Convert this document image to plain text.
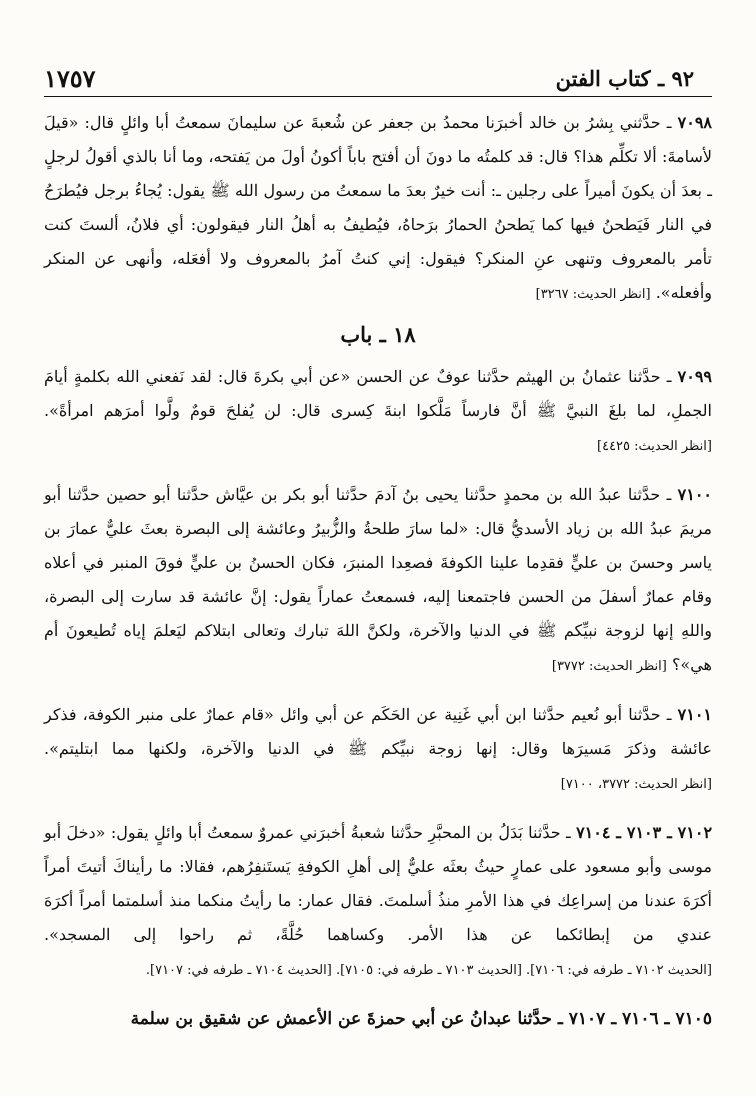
٩٢ ـ كتاب الفتن
١٧٥٧

٧٠٩٨ ـ حدَّثني بِشرُ بن خالد أخبرَنا محمدُ بن جعفر عن شُعبةَ عن سليمانَ سمعتُ أبا وائلٍ قال: «قيلَ لأسامةَ: ألا تكلِّم هذا؟ قال: قد كلمتُه ما دونَ أن أفتح باباً أكونُ أولَ من يَفتحه، وما أنا بالذي أقولُ لرجلٍ ـ بعدَ أن يكونَ أميراً على رجلين ـ: أنت خيرٌ بعدَ ما سمعتُ من رسول الله ﷺ يقول: يُجاءُ برجل فيُطرَحُ في النار فَيَطحنُ فيها كما يَطحنُ الحمارُ برَحاهُ، فيُطيفُ به أهلُ النار فيقولون: أي فلانُ، ألستَ كنت تأمر بالمعروف وتنهى عنِ المنكر؟ فيقول: إني كنتُ آمرُ بالمعروف ولا أفعَله، وأنهى عن المنكر وأفعله». [انظر الحديث: ٣٢٦٧]

١٨ ـ باب

٧٠٩٩ ـ حدَّثنا عثمانُ بن الهيثم حدَّثنا عوفٌ عن الحسن «عن أبي بكرةَ قال: لقد نَفعني الله بكلمةٍ أيامَ الجملِ، لما بلغَ النبيَّ ﷺ أنَّ فارساً مَلَّكوا ابنةَ كِسرى قال: لن يُفلحَ قومٌ ولَّوا أمرَهم امرأةً». [انظر الحديث: ٤٤٢٥]

٧١٠٠ ـ حدَّثنا عبدُ الله بن محمدٍ حدَّثنا يحيى بنُ آدمَ حدَّثنا أبو بكر بن عيَّاش حدَّثنا أبو حصين حدَّثنا أبو مريمَ عبدُ الله بن زياد الأسديُّ قال: «لما سارَ طلحةُ والزُّبيرُ وعائشة إلى البصرة بعثَ عليٌّ عمارَ بن ياسر وحسنَ بن عليٍّ فقدِما علينا الكوفةَ فصعِدا المنبرَ، فكان الحسنُ بن عليٍّ فوقَ المنبر في أعلاه وقام عمارٌ أسفلَ من الحسن فاجتمعنا إليه، فسمعتُ عماراً يقول: إنَّ عائشة قد سارت إلى البصرة، واللهِ إنها لزوجة نبيِّكم ﷺ في الدنيا والآخرة، ولكنَّ اللهَ تبارك وتعالى ابتلاكم ليَعلمَ إياه تُطيعونَ أم هي»؟ [انظر الحديث: ٣٧٧٢]

٧١٠١ ـ حدَّثنا أبو نُعيم حدَّثنا ابن أبي غَنِية عن الحَكَم عن أبي وائل «قام عمارٌ على منبر الكوفة، فذكر عائشة وذكرَ مَسيرَها وقال: إنها زوجة نبيِّكم ﷺ في الدنيا والآخرة، ولكنها مما ابتليتم». [انظر الحديث: ٣٧٧٢، ٧١٠٠]

٧١٠٢ ـ ٧١٠٣ ـ ٧١٠٤ ـ حدَّثنا بَدَلُ بن المحبَّرِ حدَّثنا شعبةُ أخبرَني عمروٌ سمعتُ أبا وائلٍ يقول: «دخلَ أبو موسى وأبو مسعود على عمارٍ حيثُ بعثَه عليٌّ إلى أهلِ الكوفةِ يَستَنفِرُهم، فقالا: ما رأيناكَ أتيتَ أمراً أكرَهَ عندنا من إسراعِك في هذا الأمرِ منذُ أسلمتَ. فقال عمار: ما رأيتُ منكما منذ أسلمتما أمراً أكرَهَ عندي من إبطائكما عن هذا الأمر. وكساهما حُلَّةً، ثم راحوا إلى المسجد». [الحديث ٧١٠٢ ـ طرفه في: ٧١٠٦]. [الحديث ٧١٠٣ ـ طرفه في: ٧١٠٥]. [الحديث ٧١٠٤ ـ طرفه في: ٧١٠٧].

٧١٠٥ ـ ٧١٠٦ ـ ٧١٠٧ ـ حدَّثنا عبدانُ عن أبي حمزةَ عن الأعمش عن شقيق بن سلمة
